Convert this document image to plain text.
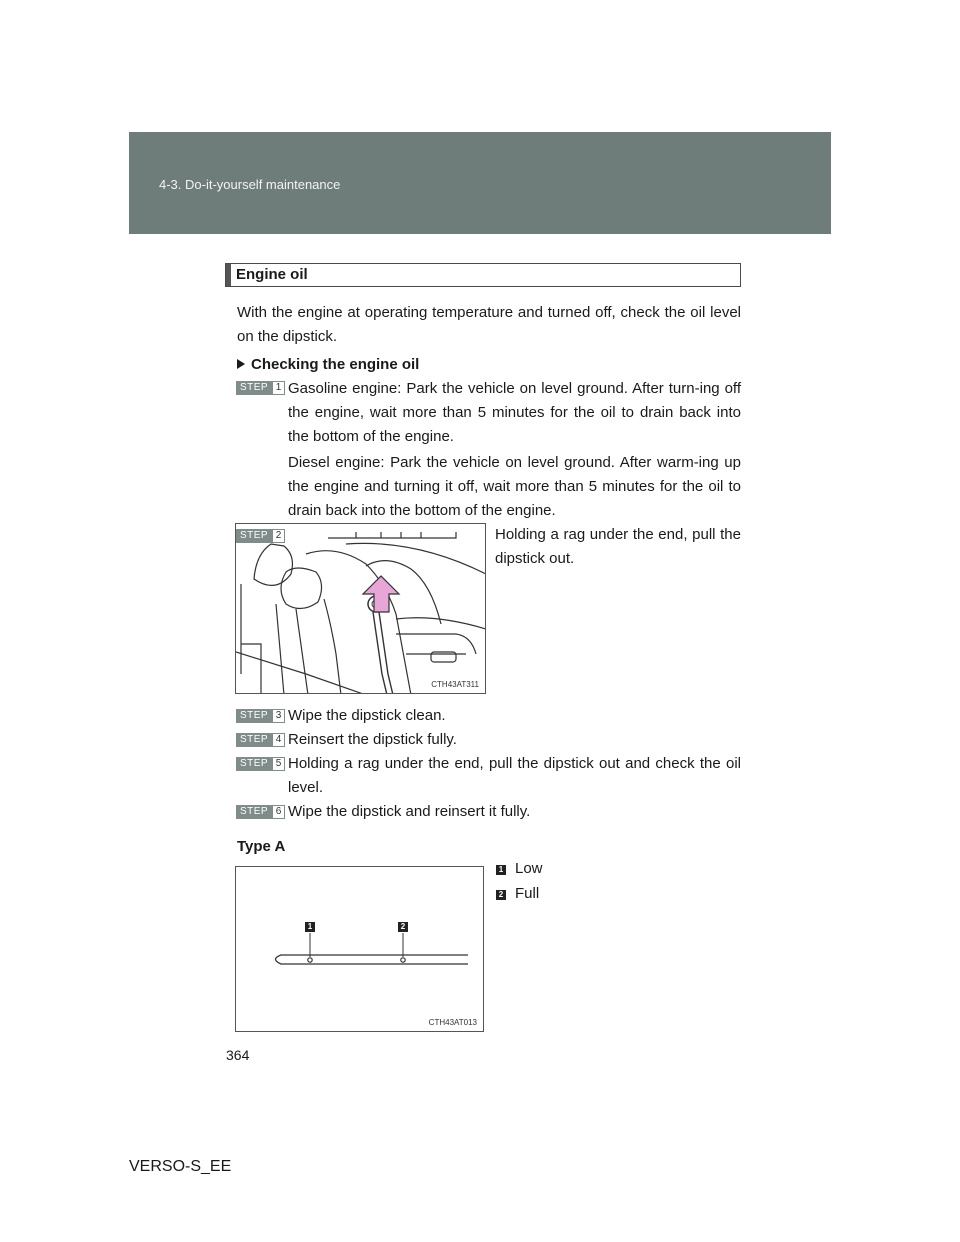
4-3. Do-it-yourself maintenance
Engine oil
With the engine at operating temperature and turned off, check the oil level on the dipstick.
Checking the engine oil
STEP 1 Gasoline engine: Park the vehicle on level ground. After turn-ing off the engine, wait more than 5 minutes for the oil to drain back into the bottom of the engine.
Diesel engine: Park the vehicle on level ground. After warm-ing up the engine and turning it off, wait more than 5 minutes for the oil to drain back into the bottom of the engine.
CTH43AT311
STEP 2	Holding a rag under the end, pull the dipstick out.
STEP 3 Wipe the dipstick clean.
STEP 4 Reinsert the dipstick fully.
STEP 5 Holding a rag under the end, pull the dipstick out and check the oil level.
STEP 6 Wipe the dipstick and reinsert it fully.
Type A
1	2
CTH43AT013
1 Low
2 Full
364
VERSO-S_EE
